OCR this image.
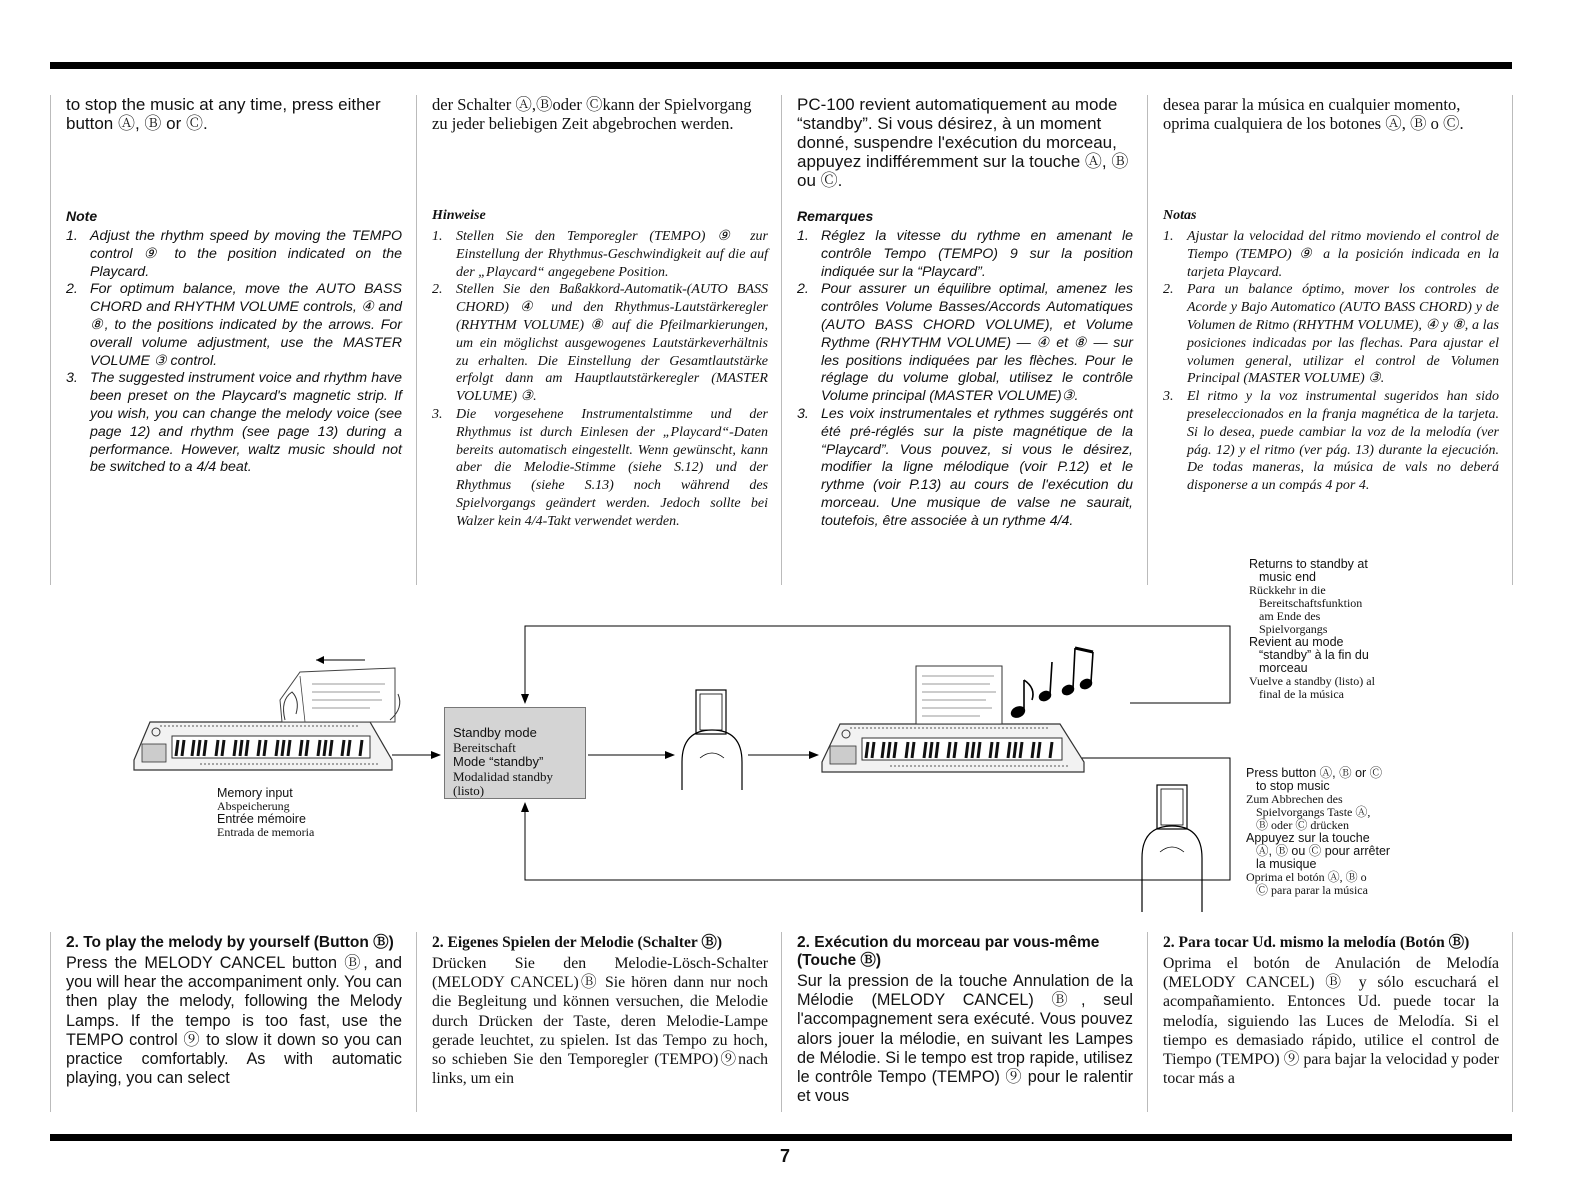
to stop the music at any time, press either button Ⓐ, Ⓑ or Ⓒ.

Note

1. Adjust the rhythm speed by moving the TEMPO control ⑨ to the position indicated on the Playcard.
2. For optimum balance, move the AUTO BASS CHORD and RHYTHM VOLUME controls, ④ and ⑧, to the positions indicated by the arrows. For overall volume adjustment, use the MASTER VOLUME ③ control.
3. The suggested instrument voice and rhythm have been preset on the Playcard's magnetic strip. If you wish, you can change the melody voice (see page 12) and rhythm (see page 13) during a performance. However, waltz music should not be switched to a 4/4 beat.

der Schalter Ⓐ,Ⓑoder Ⓒkann der Spielvorgang zu jeder beliebigen Zeit abgebrochen werden.

Hinweise

1. Stellen Sie den Temporegler (TEMPO) ⑨ zur Einstellung der Rhythmus-Geschwindigkeit auf die auf der „Playcard“ angegebene Position.
2. Stellen Sie den Baßakkord-Automatik-(AUTO BASS CHORD) ④ und den Rhythmus-Lautstärkeregler (RHYTHM VOLUME) ⑧ auf die Pfeilmarkierungen, um ein möglichst ausgewogenes Lautstärkeverhältnis zu erhalten. Die Einstellung der Gesamtlautstärke erfolgt dann am Hauptlautstärkeregler (MASTER VOLUME) ③.
3. Die vorgesehene Instrumentalstimme und der Rhythmus ist durch Einlesen der „Playcard“-Daten bereits automatisch eingestellt. Wenn gewünscht, kann aber die Melodie-Stimme (siehe S.12) und der Rhythmus (siehe S.13) noch während des Spielvorgangs geändert werden. Jedoch sollte bei Walzer kein 4/4-Takt verwendet werden.

PC-100 revient automatiquement au mode “standby”. Si vous désirez, à un moment donné, suspendre l'exécution du morceau, appuyez indifféremment sur la touche Ⓐ, Ⓑ ou Ⓒ.

Remarques

1. Réglez la vitesse du rythme en amenant le contrôle Tempo (TEMPO) 9 sur la position indiquée sur la “Playcard”.
2. Pour assurer un équilibre optimal, amenez les contrôles Volume Basses/Accords Automatiques (AUTO BASS CHORD VOLUME), et Volume Rythme (RHYTHM VOLUME) — ④ et ⑧ — sur les positions indiquées par les flèches. Pour le réglage du volume global, utilisez le contrôle Volume principal (MASTER VOLUME)③.
3. Les voix instrumentales et rythmes suggérés ont été pré-réglés sur la piste magnétique de la “Playcard”. Vous pouvez, si vous le désirez, modifier la ligne mélodique (voir P.12) et le rythme (voir P.13) au cours de l'exécution du morceau. Une musique de valse ne saurait, toutefois, être associée à un rythme 4/4.

desea parar la música en cualquier momento, oprima cualquiera de los botones Ⓐ, Ⓑ o Ⓒ.

Notas

1. Ajustar la velocidad del ritmo moviendo el control de Tiempo (TEMPO) ⑨ a la posición indicada en la tarjeta Playcard.
2. Para un balance óptimo, mover los controles de Acorde y Bajo Automatico (AUTO BASS CHORD) y de Volumen de Ritmo (RHYTHM VOLUME), ④ y ⑧, a las posiciones indicadas por las flechas. Para ajustar el volumen general, utilizar el control de Volumen Principal (MASTER VOLUME) ③.
3. El ritmo y la voz instrumental sugeridos han sido preseleccionados en la franja magnética de la tarjeta. Si lo desea, puede cambiar la voz de la melodía (ver pág. 12) y el ritmo (ver pág. 13) durante la ejecución. De todas maneras, la música de vals no deberá disponerse a un compás 4 por 4.
Standby mode
Bereitschaft
Mode “standby”
Modalidad standby (listo)
Memory input
Abspeicherung
Entrée mémoire
Entrada de memoria
Returns to standby at
music end
Rückkehr in die
Bereitschaftsfunktion
am Ende des
Spielvorgangs
Revient au mode
“standby” à la fin du
morceau
Vuelve a standby (listo) al
final de la música
Press button Ⓐ, Ⓑ or Ⓒ
to stop music
Zum Abbrechen des
Spielvorgangs Taste Ⓐ,
Ⓑ oder Ⓒ drücken
Appuyez sur la touche
Ⓐ, Ⓑ ou Ⓒ pour arrêter
la musique
Oprima el botón Ⓐ, Ⓑ o
Ⓒ para parar la música

2. To play the melody by yourself (Button Ⓑ)

Press the MELODY CANCEL button Ⓑ, and you will hear the accompaniment only. You can then play the melody, following the Melody Lamps. If the tempo is too fast, use the TEMPO control ⑨ to slow it down so you can practice comfortably. As with automatic playing, you can select

2. Eigenes Spielen der Melodie (Schalter Ⓑ)

Drücken Sie den Melodie-Lösch-Schalter (MELODY CANCEL)Ⓑ Sie hören dann nur noch die Begleitung und können versuchen, die Melodie durch Drücken der Taste, deren Melodie-Lampe gerade leuchtet, zu spielen. Ist das Tempo zu hoch, so schieben Sie den Temporegler (TEMPO)⑨nach links, um ein

2. Exécution du morceau par vous-même (Touche Ⓑ)

Sur la pression de la touche Annulation de la Mélodie (MELODY CANCEL) Ⓑ, seul l'accompagnement sera exécuté. Vous pouvez alors jouer la mélodie, en suivant les Lampes de Mélodie. Si le tempo est trop rapide, utilisez le contrôle Tempo (TEMPO) ⑨ pour le ralentir et vous

2. Para tocar Ud. mismo la melodía (Botón Ⓑ)

Oprima el botón de Anulación de Melodía (MELODY CANCEL) Ⓑ y sólo escuchará el acompañamiento. Entonces Ud. puede tocar la melodía, siguiendo las Luces de Melodía. Si el tiempo es demasiado rápido, utilice el control de Tiempo (TEMPO) ⑨ para bajar la velocidad y poder tocar más a

7
